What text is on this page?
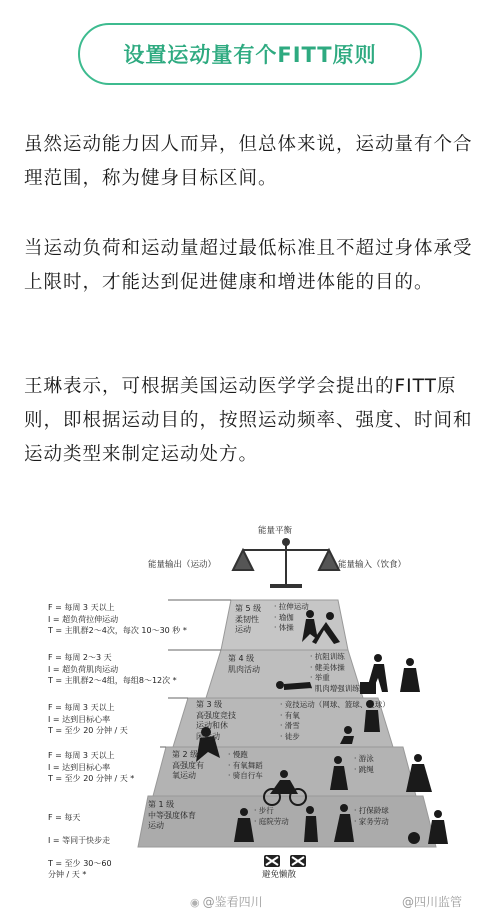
设置运动量有个FITT原则
虽然运动能力因人而异，但总体来说，运动量有个合理范围，称为健身目标区间。
当运动负荷和运动量超过最低标准且不超过身体承受上限时，才能达到促进健康和增进体能的目的。
王琳表示，可根据美国运动医学学会提出的FITT原则，即根据运动目的，按照运动频率、强度、时间和运动类型来制定运动处方。
能量平衡
能量输出（运动）	能量输入（饮食）
F = 每周 3 天以上
I = 超负荷拉伸运动
T = 主肌群2～4次，每次 10～30 秒 *
F = 每周 2～3 天
I = 超负荷肌肉运动
T = 主肌群2～4组，每组8～12次 *
F = 每周 3 天以上
I = 达到目标心率
T = 至少 20 分钟 / 天
F = 每周 3 天以上
I = 达到目标心率
T = 至少 20 分钟 / 天 *

F = 每天

I = 等同于快步走

T = 至少 30～60
分钟 / 天 *

第 5 级
柔韧性
运动
· 拉伸运动
· 瑜伽
· 体操
第 4 级
肌肉活动
· 抗阻训练
· 健美体操
· 举重
· 肌肉增强训练
第 3 级
高强度竞技
运动和休
闲运动
· 竞技运动（网球、篮球、足球）
· 有氧
· 滑雪
· 徒步
第 2 级
高强度有
氧运动
· 慢跑
· 有氧舞蹈
· 骑自行车
· 游泳
· 跳绳
第 1 级
中等强度体育
运动
· 步行
· 庭院劳动
· 打保龄球
· 家务劳动
避免懒散
◉ @鉴看四川	@四川监管
